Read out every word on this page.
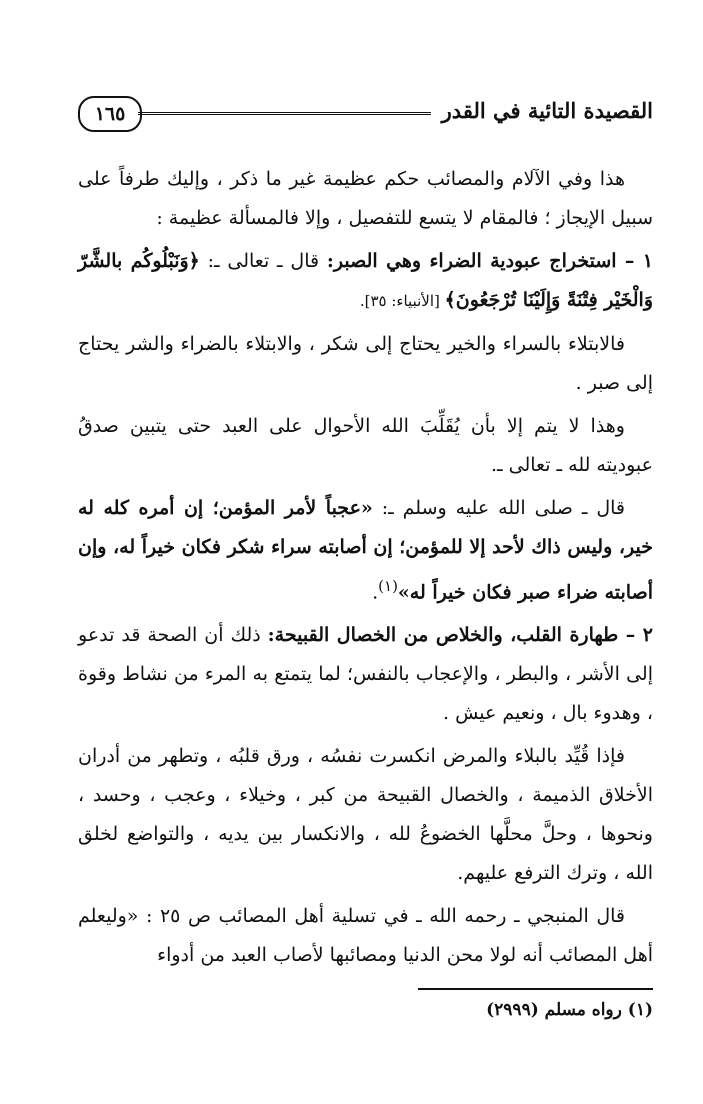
القصيدة التائية في القدر
١٦٥

هذا وفي الآلام والمصائب حكم عظيمة غير ما ذكر ، وإليك طرفاً على سبيل الإيجاز ؛ فالمقام لا يتسع للتفصيل ، وإلا فالمسألة عظيمة :

١ – استخراج عبودية الضراء وهي الصبر: قال ـ تعالى ـ: ﴿وَنَبْلُوكُم بالشَّرّ وَالْخَيْر فِتْنَةً وَإِلَيْنَا تُرْجَعُونَ﴾ [الأنبياء: ٣٥].

فالابتلاء بالسراء والخير يحتاج إلى شكر ، والابتلاء بالضراء والشر يحتاج إلى صبر .

وهذا لا يتم إلا بأن يُقَلِّبَ الله الأحوال على العبد حتى يتبين صدقُ عبوديته لله ـ تعالى ـ.

قال ـ صلى الله عليه وسلم ـ: «عجباً لأمر المؤمن؛ إن أمره كله له خير، وليس ذاك لأحد إلا للمؤمن؛ إن أصابته سراء شكر فكان خيراً له، وإن أصابته ضراء صبر فكان خيراً له»$^{(١)}$.

٢ – طهارة القلب، والخلاص من الخصال القبيحة: ذلك أن الصحة قد تدعو إلى الأشر ، والبطر ، والإعجاب بالنفس؛ لما يتمتع به المرء من نشاط وقوة ، وهدوء بال ، ونعيم عيش .

فإذا قُيِّد بالبلاء والمرض انكسرت نفسُه ، ورق قلبُه ، وتطهر من أدران الأخلاق الذميمة ، والخصال القبيحة من كبر ، وخيلاء ، وعجب ، وحسد ، ونحوها ، وحلَّ محلَّها الخضوعُ لله ، والانكسار بين يديه ، والتواضع لخلق الله ، وترك الترفع عليهم.

قال المنبجي ـ رحمه الله ـ في تسلية أهل المصائب ص ٢٥ : «وليعلم أهل المصائب أنه لولا محن الدنيا ومصائبها لأصاب العبد من أدواء

(١) رواه مسلم (٢٩٩٩)
